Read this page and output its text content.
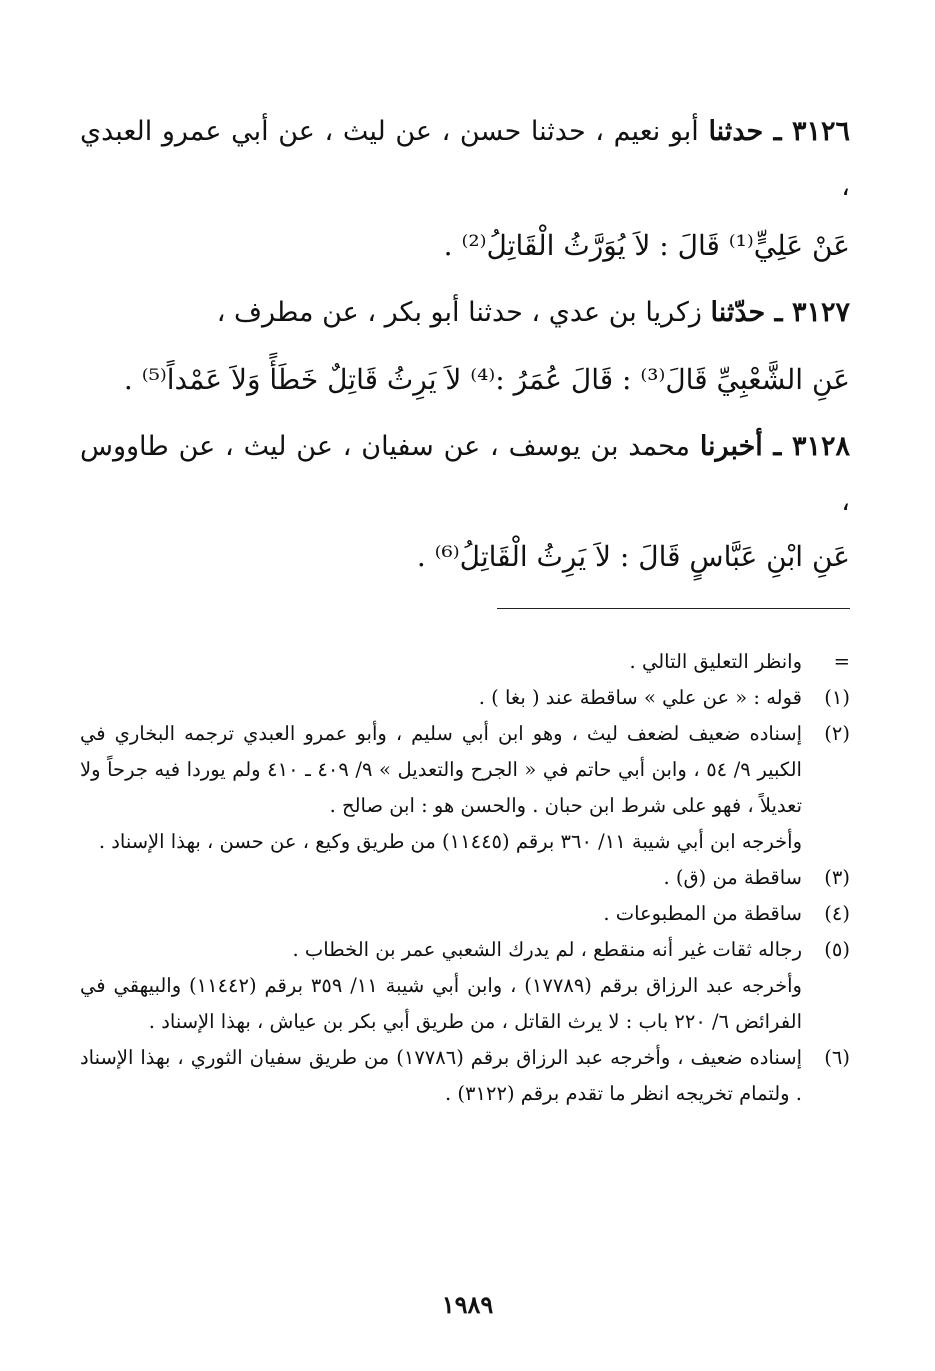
٣١٢٦ ـ حدثنا أبو نعيم ، حدثنا حسن ، عن ليث ، عن أبي عمرو العبدي ،

عَنْ عَلِيٍّ⁽¹⁾ قَالَ : لاَ يُوَرَّثُ الْقَاتِلُ⁽²⁾ .

٣١٢٧ ـ حدّثنا زكريا بن عدي ، حدثنا أبو بكر ، عن مطرف ،

عَنِ الشَّعْبِيِّ قَالَ⁽³⁾ : قَالَ عُمَرُ :⁽⁴⁾ لاَ يَرِثُ قَاتِلٌ خَطَأً وَلاَ عَمْداً⁽⁵⁾ .

٣١٢٨ ـ أخبرنا محمد بن يوسف ، عن سفيان ، عن ليث ، عن طاووس ،

عَنِ ابْنِ عَبَّاسٍ قَالَ : لاَ يَرِثُ الْقَاتِلُ⁽⁶⁾ .

=
وانظر التعليق التالي .
(١)
قوله : « عن علي » ساقطة عند ( بغا ) .
(٢)
إسناده ضعيف لضعف ليث ، وهو ابن أبي سليم ، وأبو عمرو العبدي ترجمه البخاري في الكبير ٩/ ٥٤ ، وابن أبي حاتم في « الجرح والتعديل » ٩/ ٤٠٩ ـ ٤١٠ ولم يوردا فيه جرحاً ولا تعديلاً ، فهو على شرط ابن حبان . والحسن هو : ابن صالح .
وأخرجه ابن أبي شيبة ١١/ ٣٦٠ برقم (١١٤٤٥) من طريق وكيع ، عن حسن ، بهذا الإسناد .
(٣)
ساقطة من (ق) .
(٤)
ساقطة من المطبوعات .
(٥)
رجاله ثقات غير أنه منقطع ، لم يدرك الشعبي عمر بن الخطاب .
وأخرجه عبد الرزاق برقم (١٧٧٨٩) ، وابن أبي شيبة ١١/ ٣٥٩ برقم (١١٤٤٢) والبيهقي في الفرائض ٦/ ٢٢٠ باب : لا يرث القاتل ، من طريق أبي بكر بن عياش ، بهذا الإسناد .
(٦)
إسناده ضعيف ، وأخرجه عبد الرزاق برقم (١٧٧٨٦) من طريق سفيان الثوري ، بهذا الإسناد . ولتمام تخريجه انظر ما تقدم برقم (٣١٢٢) .
١٩٨٩
